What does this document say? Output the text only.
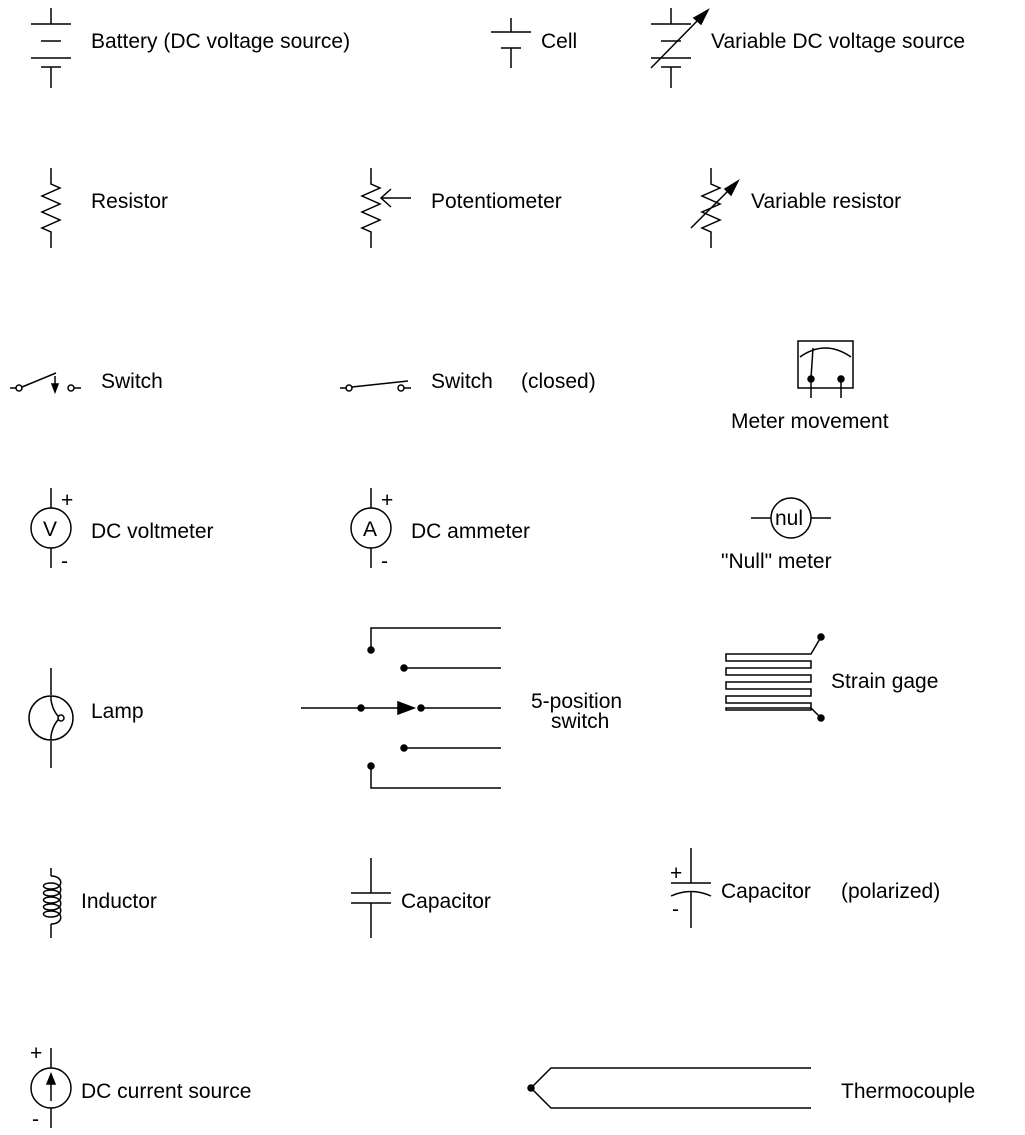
Battery (DC voltage source)	Cell	Variable DC voltage source
Resistor	Potentiometer	Variable resistor
Switch	Switch (closed)
Meter movement
V
+
-
DC voltmeter	A
+
-
DC ammeter
nul
"Null" meter
Lamp	5-position
switch
Strain gage
Inductor	Capacitor
+
-
Capacitor (polarized)
+
-
DC current source	Thermocouple
